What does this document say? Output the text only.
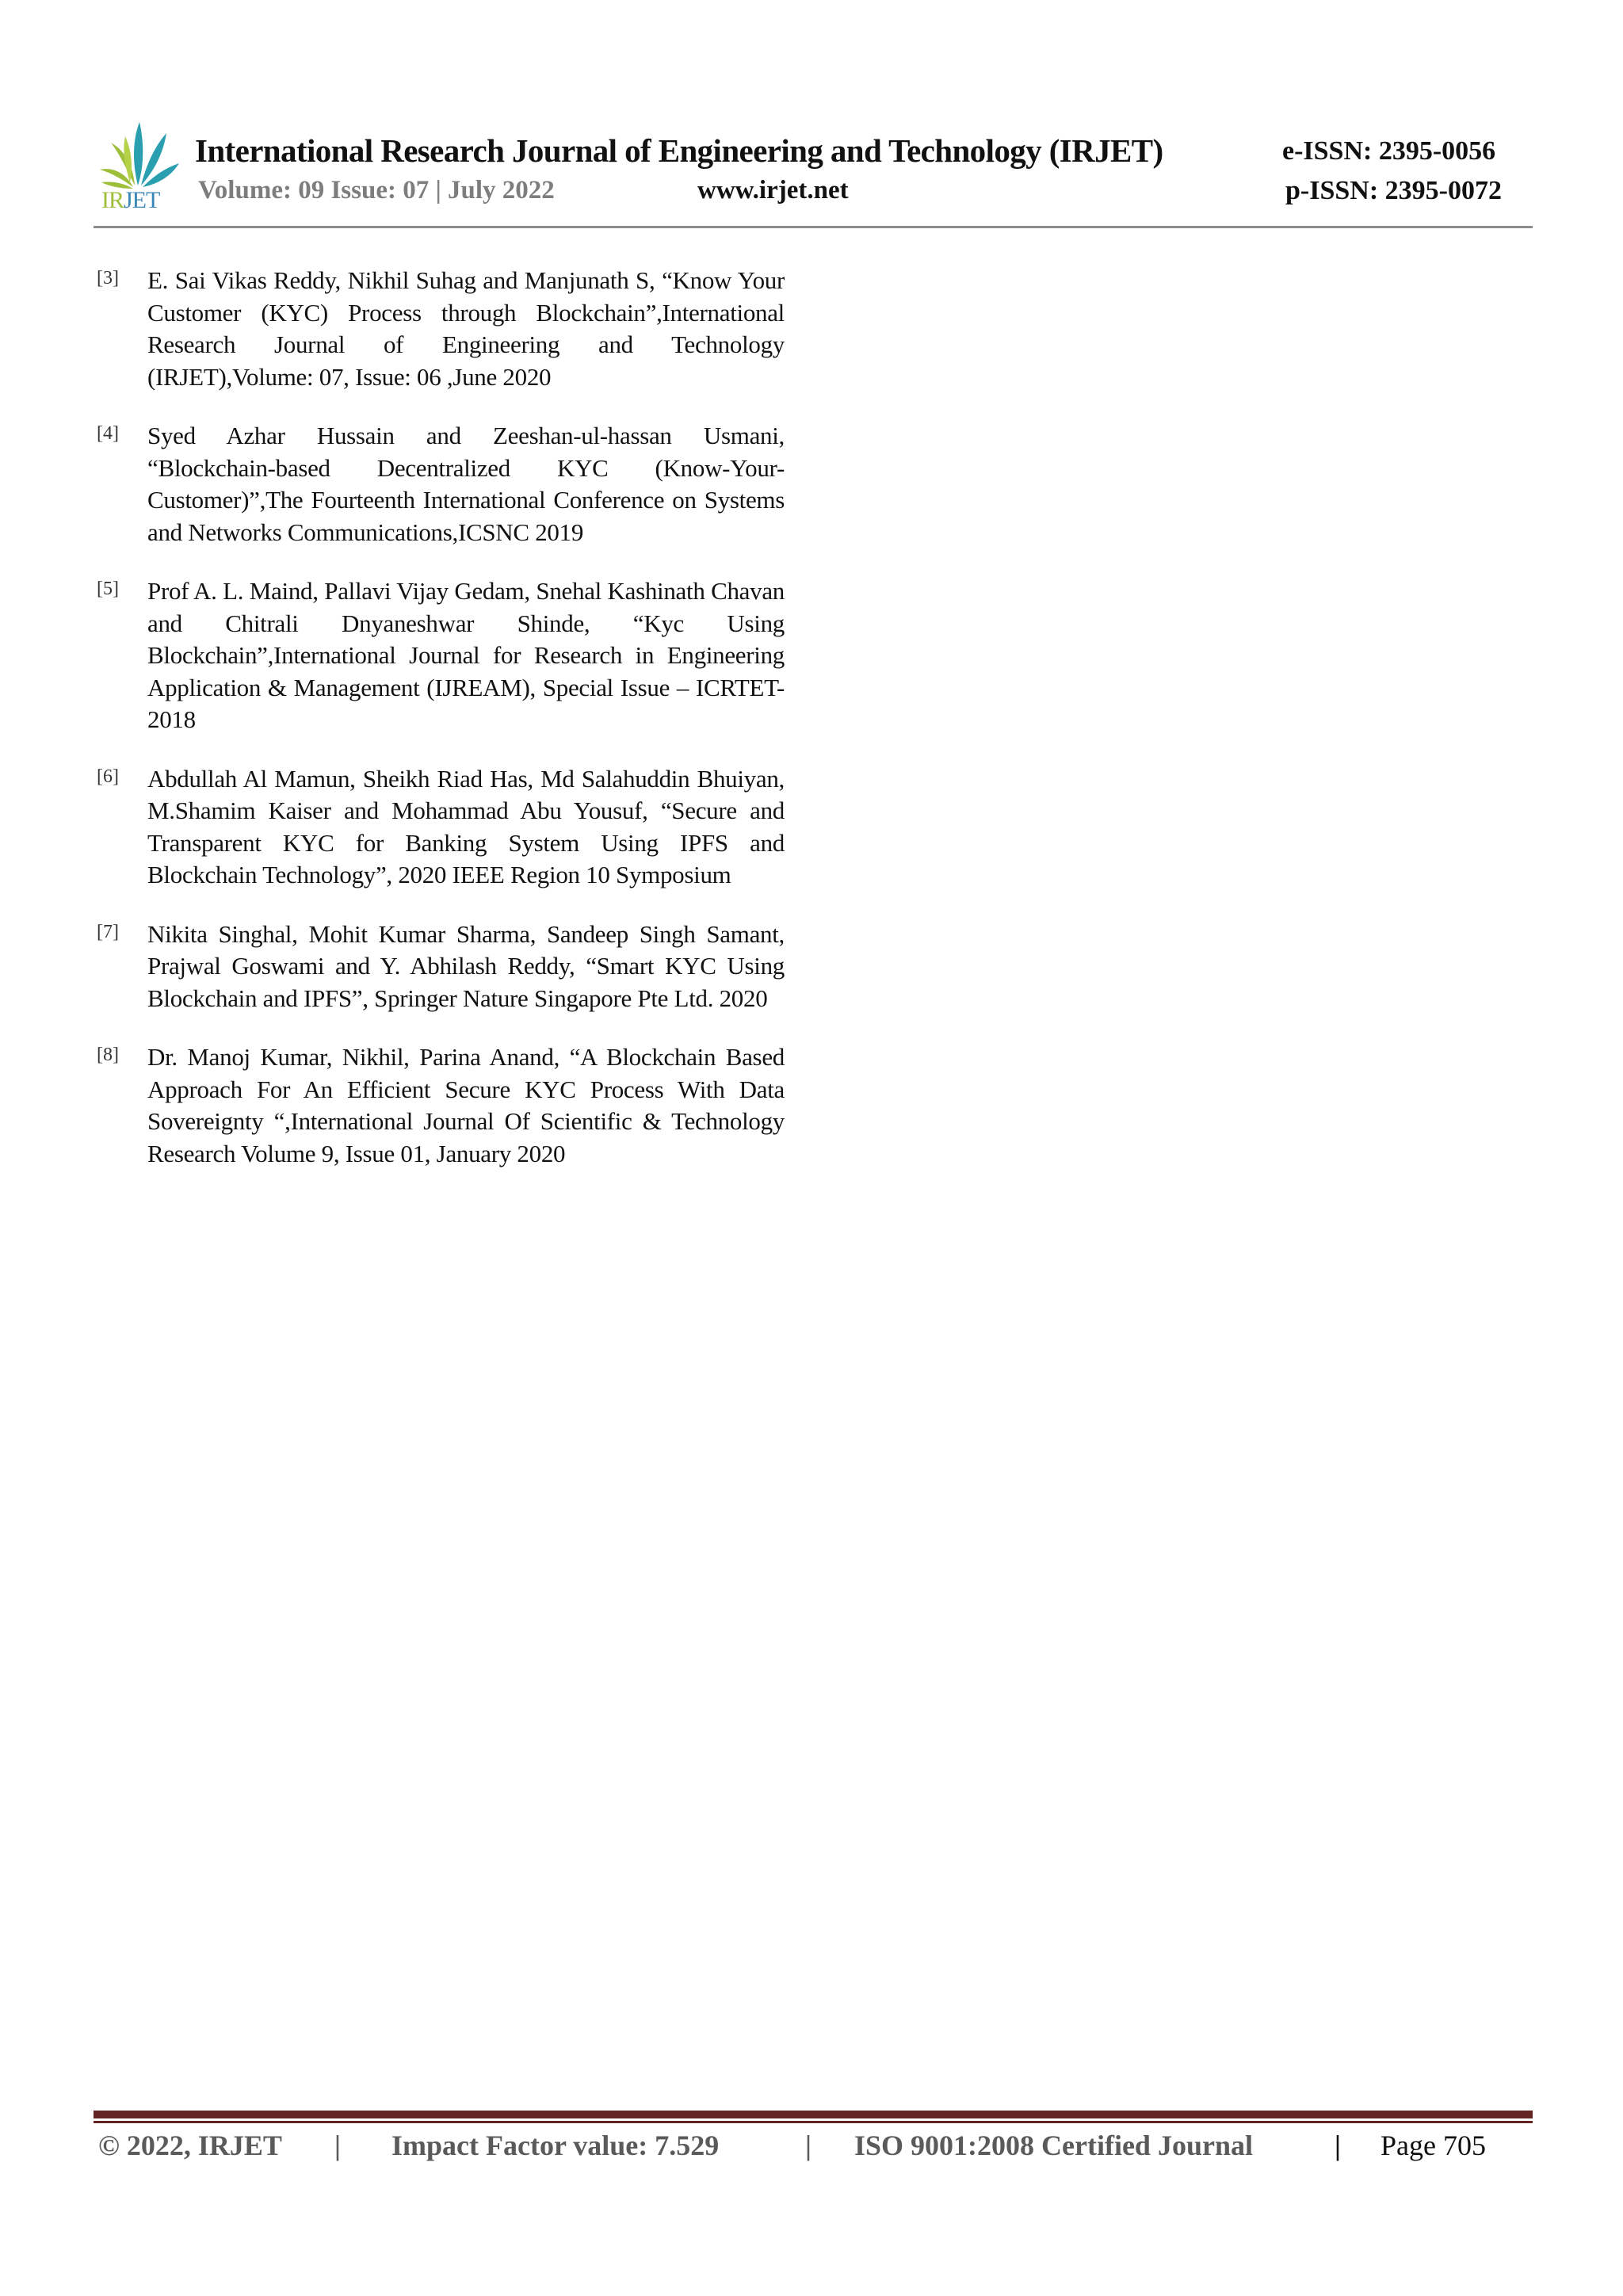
IRJET
International Research Journal of Engineering and Technology (IRJET)	e-ISSN: 2395-0056
Volume: 09 Issue: 07 | July 2022	www.irjet.net	p-ISSN: 2395-0072
[3] E. Sai Vikas Reddy, Nikhil Suhag and Manjunath S, “Know Your Customer (KYC) Process through Blockchain”,International Research Journal of Engineering and Technology (IRJET),Volume: 07, Issue: 06 ,June 2020
[4] Syed Azhar Hussain and Zeeshan-ul-hassan Usmani, “Blockchain-based Decentralized KYC (Know-Your-Customer)”,The Fourteenth International Conference on Systems and Networks Communications,ICSNC 2019
[5] Prof A. L. Maind, Pallavi Vijay Gedam, Snehal Kashinath Chavan and Chitrali Dnyaneshwar Shinde, “Kyc Using Blockchain”,International Journal for Research in Engineering Application & Management (IJREAM), Special Issue – ICRTET-2018
[6] Abdullah Al Mamun, Sheikh Riad Has, Md Salahuddin Bhuiyan, M.Shamim Kaiser and Mohammad Abu Yousuf, “Secure and Transparent KYC for Banking System Using IPFS and Blockchain Technology”, 2020 IEEE Region 10 Symposium
[7] Nikita Singhal, Mohit Kumar Sharma, Sandeep Singh Samant, Prajwal Goswami and Y. Abhilash Reddy, “Smart KYC Using Blockchain and IPFS”, Springer Nature Singapore Pte Ltd. 2020
[8] Dr. Manoj Kumar, Nikhil, Parina Anand, “A Blockchain Based Approach For An Efficient Secure KYC Process With Data Sovereignty “,International Journal Of Scientific & Technology Research Volume 9, Issue 01, January 2020
© 2022, IRJET | Impact Factor value: 7.529	| ISO 9001:2008 Certified Journal	| Page 705
